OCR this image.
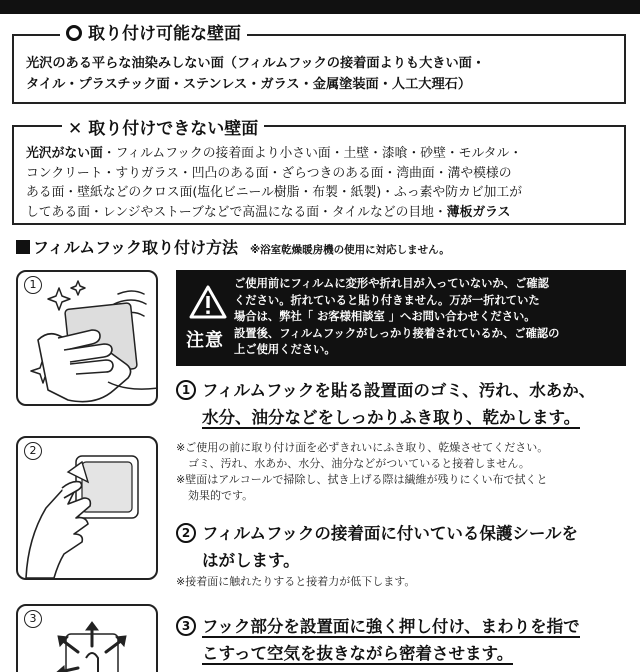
光沢のある平らな油染みしない面（フィルムフックの接着面よりも大きい面・
タイル・プラスチック面・ステンレス・ガラス・金属塗装面・人工大理石）
取り付け可能な壁面
光沢がない面・フィルムフックの接着面より小さい面・土壁・漆喰・砂壁・モルタル・
コンクリート・すりガラス・凹凸のある面・ざらつきのある面・湾曲面・溝や模様の
ある面・壁紙などのクロス面(塩化ビニール樹脂・布製・紙製)・ふっ素や防カビ加工が
してある面・レンジやストーブなどで高温になる面・タイルなどの目地・薄板ガラス
✕ 取り付けできない壁面
フィルムフック取り付け方法 ※浴室乾燥暖房機の使用に対応しません。
1
注意
ご使用前にフィルムに変形や折れ目が入っていないか、ご確認
ください。折れていると貼り付きません。万が一折れていた
場合は、弊社「 お客様相談室 」へお問い合わせください。
設置後、フィルムフックがしっかり接着されているか、ご確認の
上ご使用ください。
1 フィルムフックを貼る設置面のゴミ、汚れ、水あか、
水分、油分などをしっかりふき取り、乾かします。
※ご使用の前に取り付け面を必ずきれいにふき取り、乾燥させてください。
ゴミ、汚れ、水あか、水分、油分などがついていると接着しません。
※壁面はアルコールで掃除し、拭き上げる際は繊維が残りにくい布で拭くと
効果的です。
2
2 フィルムフックの接着面に付いている保護シールを
はがします。
※接着面に触れたりすると接着力が低下します。
3
3 フック部分を設置面に強く押し付け、まわりを指で
こすって空気を抜きながら密着させます。
